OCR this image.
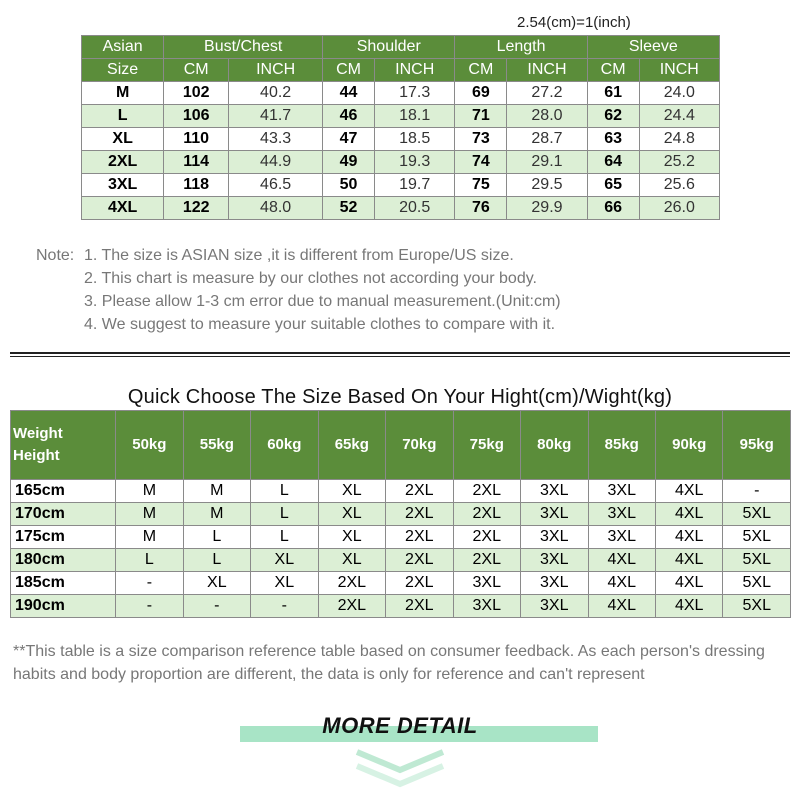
2.54(cm)=1(inch)
Asian	Bust/Chest		Shoulder		Length		Sleeve	
Size	CM	INCH	CM	INCH	CM	INCH	CM	INCH
M	102	40.2	44	17.3	69	27.2	61	24.0
L	106	41.7	46	18.1	71	28.0	62	24.4
XL	110	43.3	47	18.5	73	28.7	63	24.8
2XL	114	44.9	49	19.3	74	29.1	64	25.2
3XL	118	46.5	50	19.7	75	29.5	65	25.6
4XL	122	48.0	52	20.5	76	29.9	66	26.0
Note: 1. The size is ASIAN size ,it is different from Europe/US size.
2. This chart is measure by our clothes not according your body.
3. Please allow 1-3 cm error due to manual measurement.(Unit:cm)
4. We suggest to measure your suitable clothes to compare with it.
Quick Choose The Size Based On Your Hight(cm)/Wight(kg)
Weight
Height	50kg	55kg	60kg	65kg	70kg	75kg	80kg	85kg	90kg	95kg
165cm	M	M	L	XL	2XL	2XL	3XL	3XL	4XL	-
170cm	M	M	L	XL	2XL	2XL	3XL	3XL	4XL	5XL
175cm	M	L	L	XL	2XL	2XL	3XL	3XL	4XL	5XL
180cm	L	L	XL	XL	2XL	2XL	3XL	4XL	4XL	5XL
185cm	-	XL	XL	2XL	2XL	3XL	3XL	4XL	4XL	5XL
190cm	-	-	-	2XL	2XL	3XL	3XL	4XL	4XL	5XL
**This table is a size comparison reference table based on consumer feedback. As each person's dressing habits and body proportion are different, the data is only for reference and can't represent
MORE DETAIL
